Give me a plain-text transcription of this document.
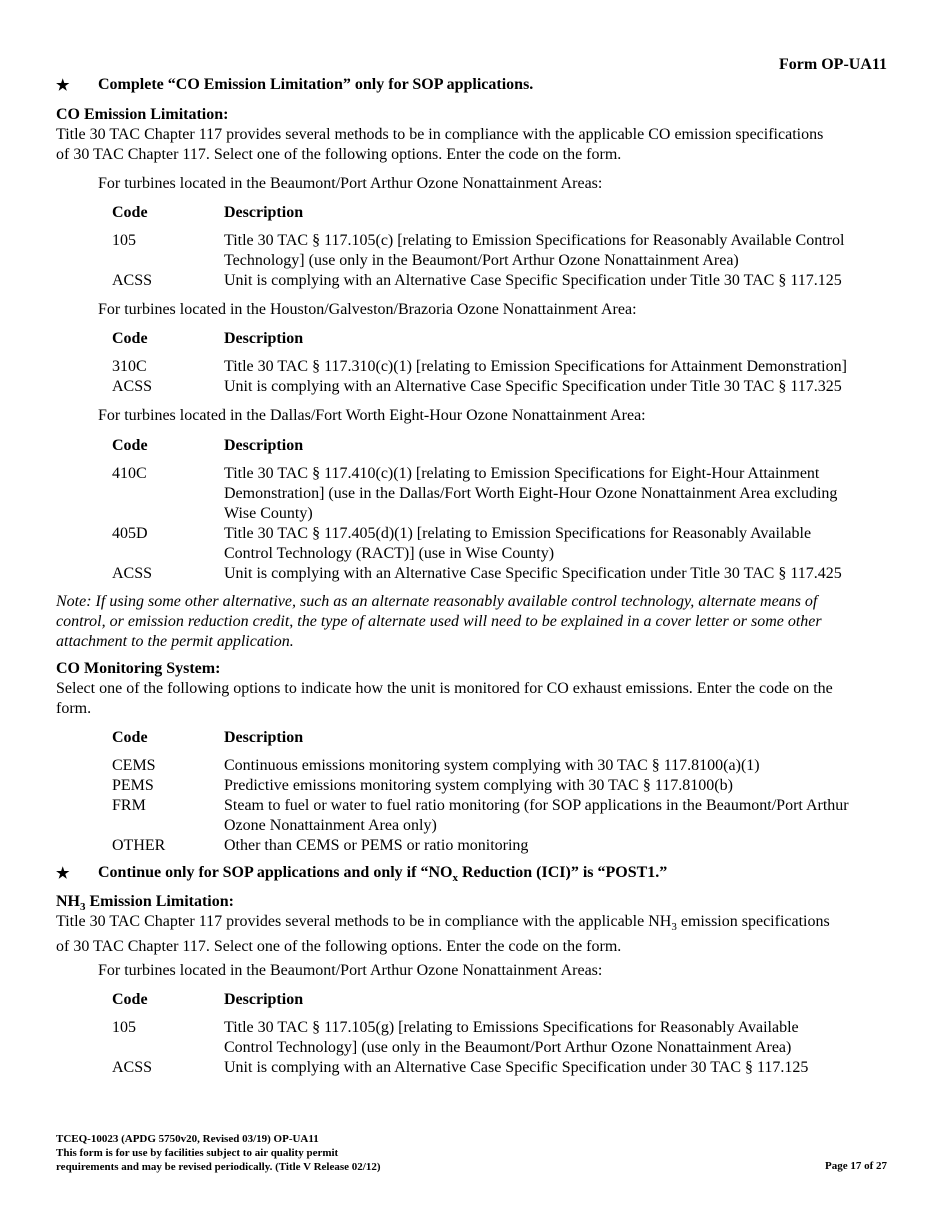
Form OP-UA11
★	Complete “CO Emission Limitation” only for SOP applications.
CO Emission Limitation:
Title 30 TAC Chapter 117 provides several methods to be in compliance with the applicable CO emission specifications
of 30 TAC Chapter 117. Select one of the following options. Enter the code on the form.
For turbines located in the Beaumont/Port Arthur Ozone Nonattainment Areas:
Code	Description
105	Title 30 TAC § 117.105(c) [relating to Emission Specifications for Reasonably Available Control
Technology] (use only in the Beaumont/Port Arthur Ozone Nonattainment Area)
ACSS	Unit is complying with an Alternative Case Specific Specification under Title 30 TAC § 117.125
For turbines located in the Houston/Galveston/Brazoria Ozone Nonattainment Area:
Code	Description
310C	Title 30 TAC § 117.310(c)(1) [relating to Emission Specifications for Attainment Demonstration]
ACSS	Unit is complying with an Alternative Case Specific Specification under Title 30 TAC § 117.325
For turbines located in the Dallas/Fort Worth Eight-Hour Ozone Nonattainment Area:
Code	Description
410C	Title 30 TAC § 117.410(c)(1) [relating to Emission Specifications for Eight-Hour Attainment
Demonstration] (use in the Dallas/Fort Worth Eight-Hour Ozone Nonattainment Area excluding
Wise County)
405D	Title 30 TAC § 117.405(d)(1) [relating to Emission Specifications for Reasonably Available
Control Technology (RACT)] (use in Wise County)
ACSS	Unit is complying with an Alternative Case Specific Specification under Title 30 TAC § 117.425
Note: If using some other alternative, such as an alternate reasonably available control technology, alternate means of
control, or emission reduction credit, the type of alternate used will need to be explained in a cover letter or some other
attachment to the permit application.
CO Monitoring System:
Select one of the following options to indicate how the unit is monitored for CO exhaust emissions. Enter the code on the
form.
Code	Description
CEMS	Continuous emissions monitoring system complying with 30 TAC § 117.8100(a)(1)
PEMS	Predictive emissions monitoring system complying with 30 TAC § 117.8100(b)
FRM	Steam to fuel or water to fuel ratio monitoring (for SOP applications in the Beaumont/Port Arthur
Ozone Nonattainment Area only)
OTHER	Other than CEMS or PEMS or ratio monitoring
★	Continue only for SOP applications and only if “$NO_x$ Reduction (ICI)” is “POST1.”
$NH_3$ Emission Limitation:
Title 30 TAC Chapter 117 provides several methods to be in compliance with the applicable $NH_3$ emission specifications
of 30 TAC Chapter 117. Select one of the following options. Enter the code on the form.
For turbines located in the Beaumont/Port Arthur Ozone Nonattainment Areas:
Code	Description
105	Title 30 TAC § 117.105(g) [relating to Emissions Specifications for Reasonably Available
Control Technology] (use only in the Beaumont/Port Arthur Ozone Nonattainment Area)
ACSS	Unit is complying with an Alternative Case Specific Specification under 30 TAC § 117.125
TCEQ-10023 (APDG 5750v20, Revised 03/19) OP-UA11
This form is for use by facilities subject to air quality permit
requirements and may be revised periodically. (Title V Release 02/12)	Page 17 of 27
